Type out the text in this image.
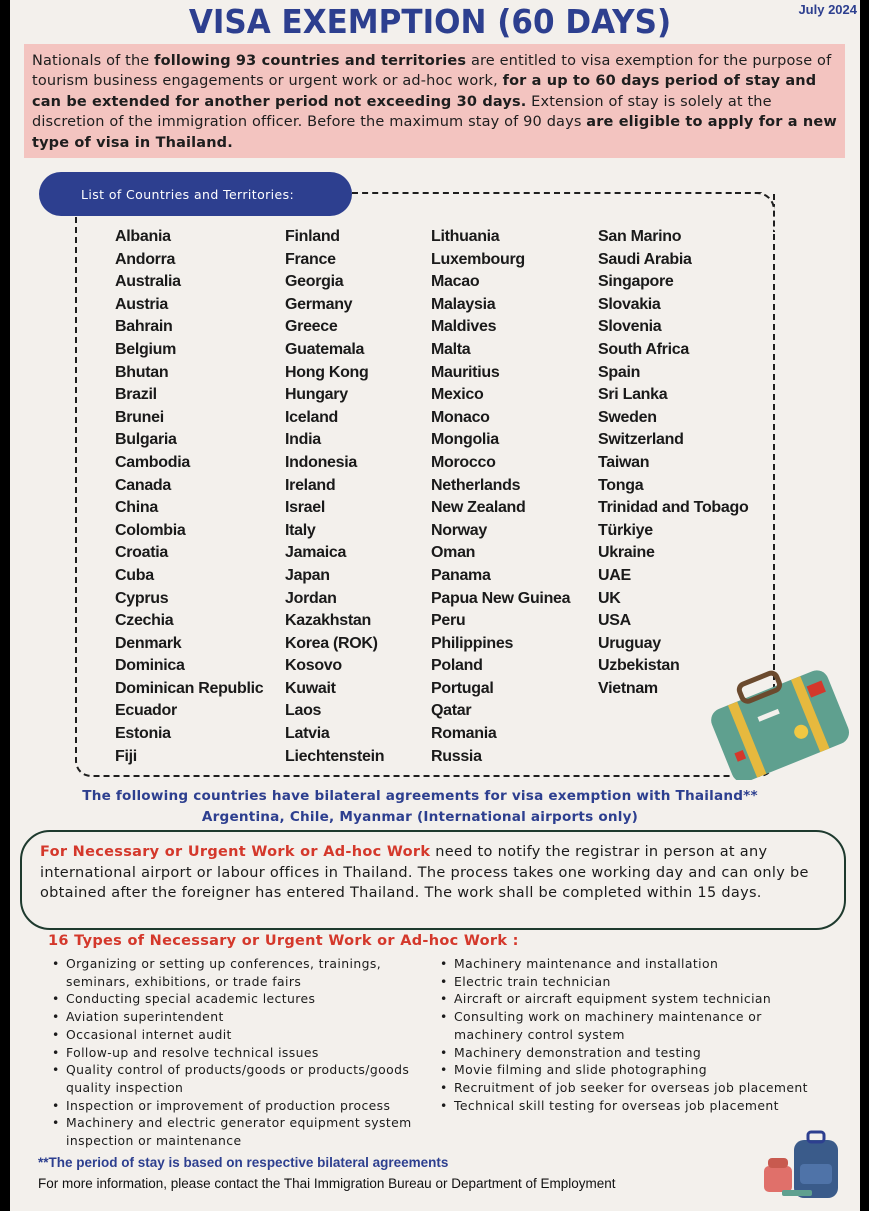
VISA EXEMPTION (60 DAYS)	July 2024
Nationals of the following 93 countries and territories are entitled to visa exemption for the purpose of tourism business engagements or urgent work or ad-hoc work, for a up to 60 days period of stay and can be extended for another period not exceeding 30 days. Extension of stay is solely at the discretion of the immigration officer. Before the maximum stay of 90 days are eligible to apply for a new type of visa in Thailand.
List of Countries and Territories:
Albania
Andorra
Australia
Austria
Bahrain
Belgium
Bhutan
Brazil
Brunei
Bulgaria
Cambodia
Canada
China
Colombia
Croatia
Cuba
Cyprus
Czechia
Denmark
Dominica
Dominican Republic
Ecuador
Estonia
Fiji
Finland
France
Georgia
Germany
Greece
Guatemala
Hong Kong
Hungary
Iceland
India
Indonesia
Ireland
Israel
Italy
Jamaica
Japan
Jordan
Kazakhstan
Korea (ROK)
Kosovo
Kuwait
Laos
Latvia
Liechtenstein
Lithuania
Luxembourg
Macao
Malaysia
Maldives
Malta
Mauritius
Mexico
Monaco
Mongolia
Morocco
Netherlands
New Zealand
Norway
Oman
Panama
Papua New Guinea
Peru
Philippines
Poland
Portugal
Qatar
Romania
Russia
San Marino
Saudi Arabia
Singapore
Slovakia
Slovenia
South Africa
Spain
Sri Lanka
Sweden
Switzerland
Taiwan
Tonga
Trinidad and Tobago
Türkiye
Ukraine
UAE
UK
USA
Uruguay
Uzbekistan
Vietnam
The following countries have bilateral agreements for visa exemption with Thailand**
Argentina, Chile, Myanmar (International airports only)
For Necessary or Urgent Work or Ad-hoc Work need to notify the registrar in person at any international airport or labour offices in Thailand. The process takes one working day and can only be obtained after the foreigner has entered Thailand. The work shall be completed within 15 days.
16 Types of Necessary or Urgent Work or Ad-hoc Work :
• Organizing or setting up conferences, trainings, seminars, exhibitions, or trade fairs
• Conducting special academic lectures
• Aviation superintendent
• Occasional internet audit
• Follow-up and resolve technical issues
• Quality control of products/goods or products/goods quality inspection
• Inspection or improvement of production process
• Machinery and electric generator equipment system inspection or maintenance
• Machinery maintenance and installation
• Electric train technician
• Aircraft or aircraft equipment system technician
• Consulting work on machinery maintenance or machinery control system
• Machinery demonstration and testing
• Movie filming and slide photographing
• Recruitment of job seeker for overseas job placement
• Technical skill testing for overseas job placement
**The period of stay is based on respective bilateral agreements
For more information, please contact the Thai Immigration Bureau or Department of Employment
